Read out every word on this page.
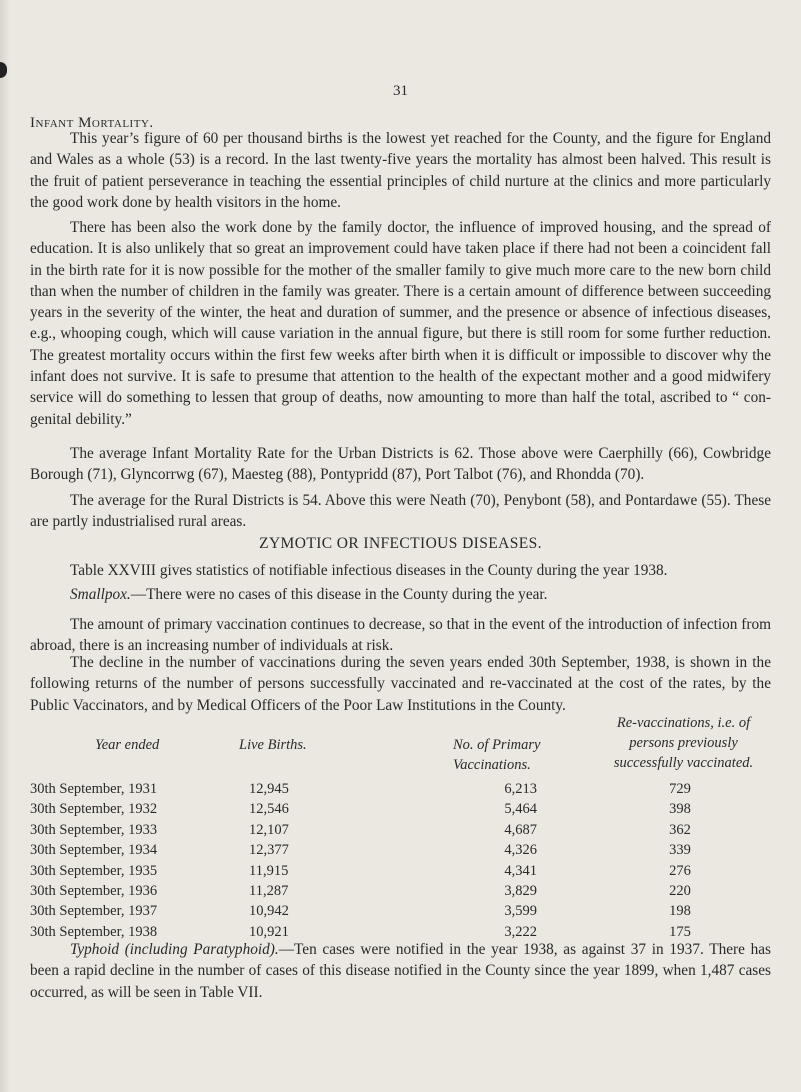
31
Infant Mortality.

This year’s figure of 60 per thousand births is the lowest yet reached for the County, and the figure for England and Wales as a whole (53) is a record. In the last twenty-five years the mortality has almost been halved. This result is the fruit of patient perseverance in teaching the essential principles of child nurture at the clinics and more particularly the good work done by health visitors in the home.

There has been also the work done by the family doctor, the influence of improved housing, and the spread of education. It is also unlikely that so great an improvement could have taken place if there had not been a coincident fall in the birth rate for it is now possible for the mother of the smaller family to give much more care to the new born child than when the number of children in the family was greater. There is a certain amount of difference between succeeding years in the severity of the winter, the heat and duration of summer, and the presence or absence of infectious diseases, e.g., whooping cough, which will cause variation in the annual figure, but there is still room for some further reduction. The greatest mortality occurs within the first few weeks after birth when it is difficult or impossible to discover why the infant does not survive. It is safe to presume that attention to the health of the expectant mother and a good midwifery service will do something to lessen that group of deaths, now amounting to more than half the total, ascribed to “ con-genital debility.”

The average Infant Mortality Rate for the Urban Districts is 62. Those above were Caerphilly (66), Cowbridge Borough (71), Glyncorrwg (67), Maesteg (88), Pontypridd (87), Port Talbot (76), and Rhondda (70).

The average for the Rural Districts is 54. Above this were Neath (70), Penybont (58), and Pontardawe (55). These are partly industrialised rural areas.

ZYMOTIC OR INFECTIOUS DISEASES.

Table XXVIII gives statistics of notifiable infectious diseases in the County during the year 1938.

Smallpox.—There were no cases of this disease in the County during the year.

The amount of primary vaccination continues to decrease, so that in the event of the introduction of infection from abroad, there is an increasing number of individuals at risk.

The decline in the number of vaccinations during the seven years ended 30th September, 1938, is shown in the following returns of the number of persons successfully vaccinated and re-vaccinated at the cost of the rates, by the Public Vaccinators, and by Medical Officers of the Poor Law Institutions in the County.

Year ended	Live Births.	No. of Primary
Vaccinations.
Re-vaccinations, i.e. of
persons previously
successfully vaccinated.
30th September, 1931	12,945	6,213	729
30th September, 1932	12,546	5,464	398
30th September, 1933	12,107	4,687	362
30th September, 1934	12,377	4,326	339
30th September, 1935	11,915	4,341	276
30th September, 1936	11,287	3,829	220
30th September, 1937	10,942	3,599	198
30th September, 1938	10,921	3,222	175

Typhoid (including Paratyphoid).—Ten cases were notified in the year 1938, as against 37 in 1937. There has been a rapid decline in the number of cases of this disease notified in the County since the year 1899, when 1,487 cases occurred, as will be seen in Table VII.
